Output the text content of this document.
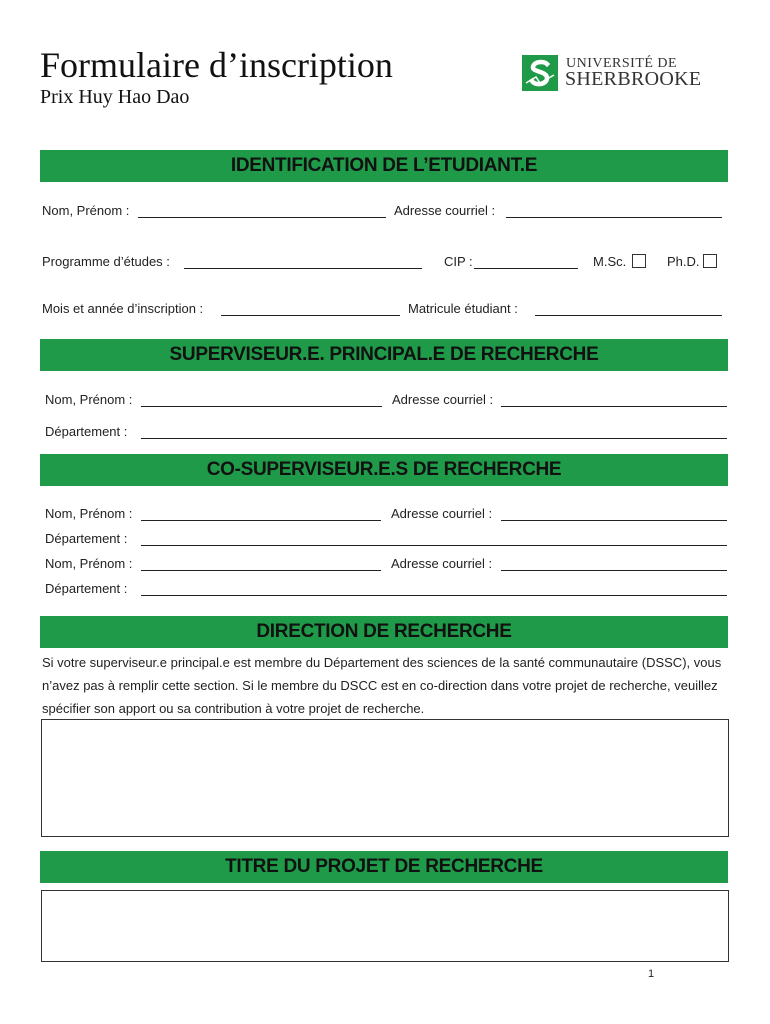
Formulaire d’inscription
Prix Huy Hao Dao
UNIVERSITÉ DE
SHERBROOKE
IDENTIFICATION DE L’ETUDIANT.E
Nom, Prénom :	Adresse courriel :
Programme d’études :	CIP :	M.Sc.	Ph.D.
Mois et année d’inscription :	Matricule étudiant :
SUPERVISEUR.E. PRINCIPAL.E DE RECHERCHE
Nom, Prénom :	Adresse courriel :
Département :
CO-SUPERVISEUR.E.S DE RECHERCHE
Nom, Prénom :	Adresse courriel :
Département :
Nom, Prénom :	Adresse courriel :
Département :
DIRECTION DE RECHERCHE
Si votre superviseur.e principal.e est membre du Département des sciences de la santé communautaire (DSSC), vous n’avez pas à remplir cette section. Si le membre du DSCC est en co-direction dans votre projet de recherche, veuillez spécifier son apport ou sa contribution à votre projet de recherche.
TITRE DU PROJET DE RECHERCHE
1
